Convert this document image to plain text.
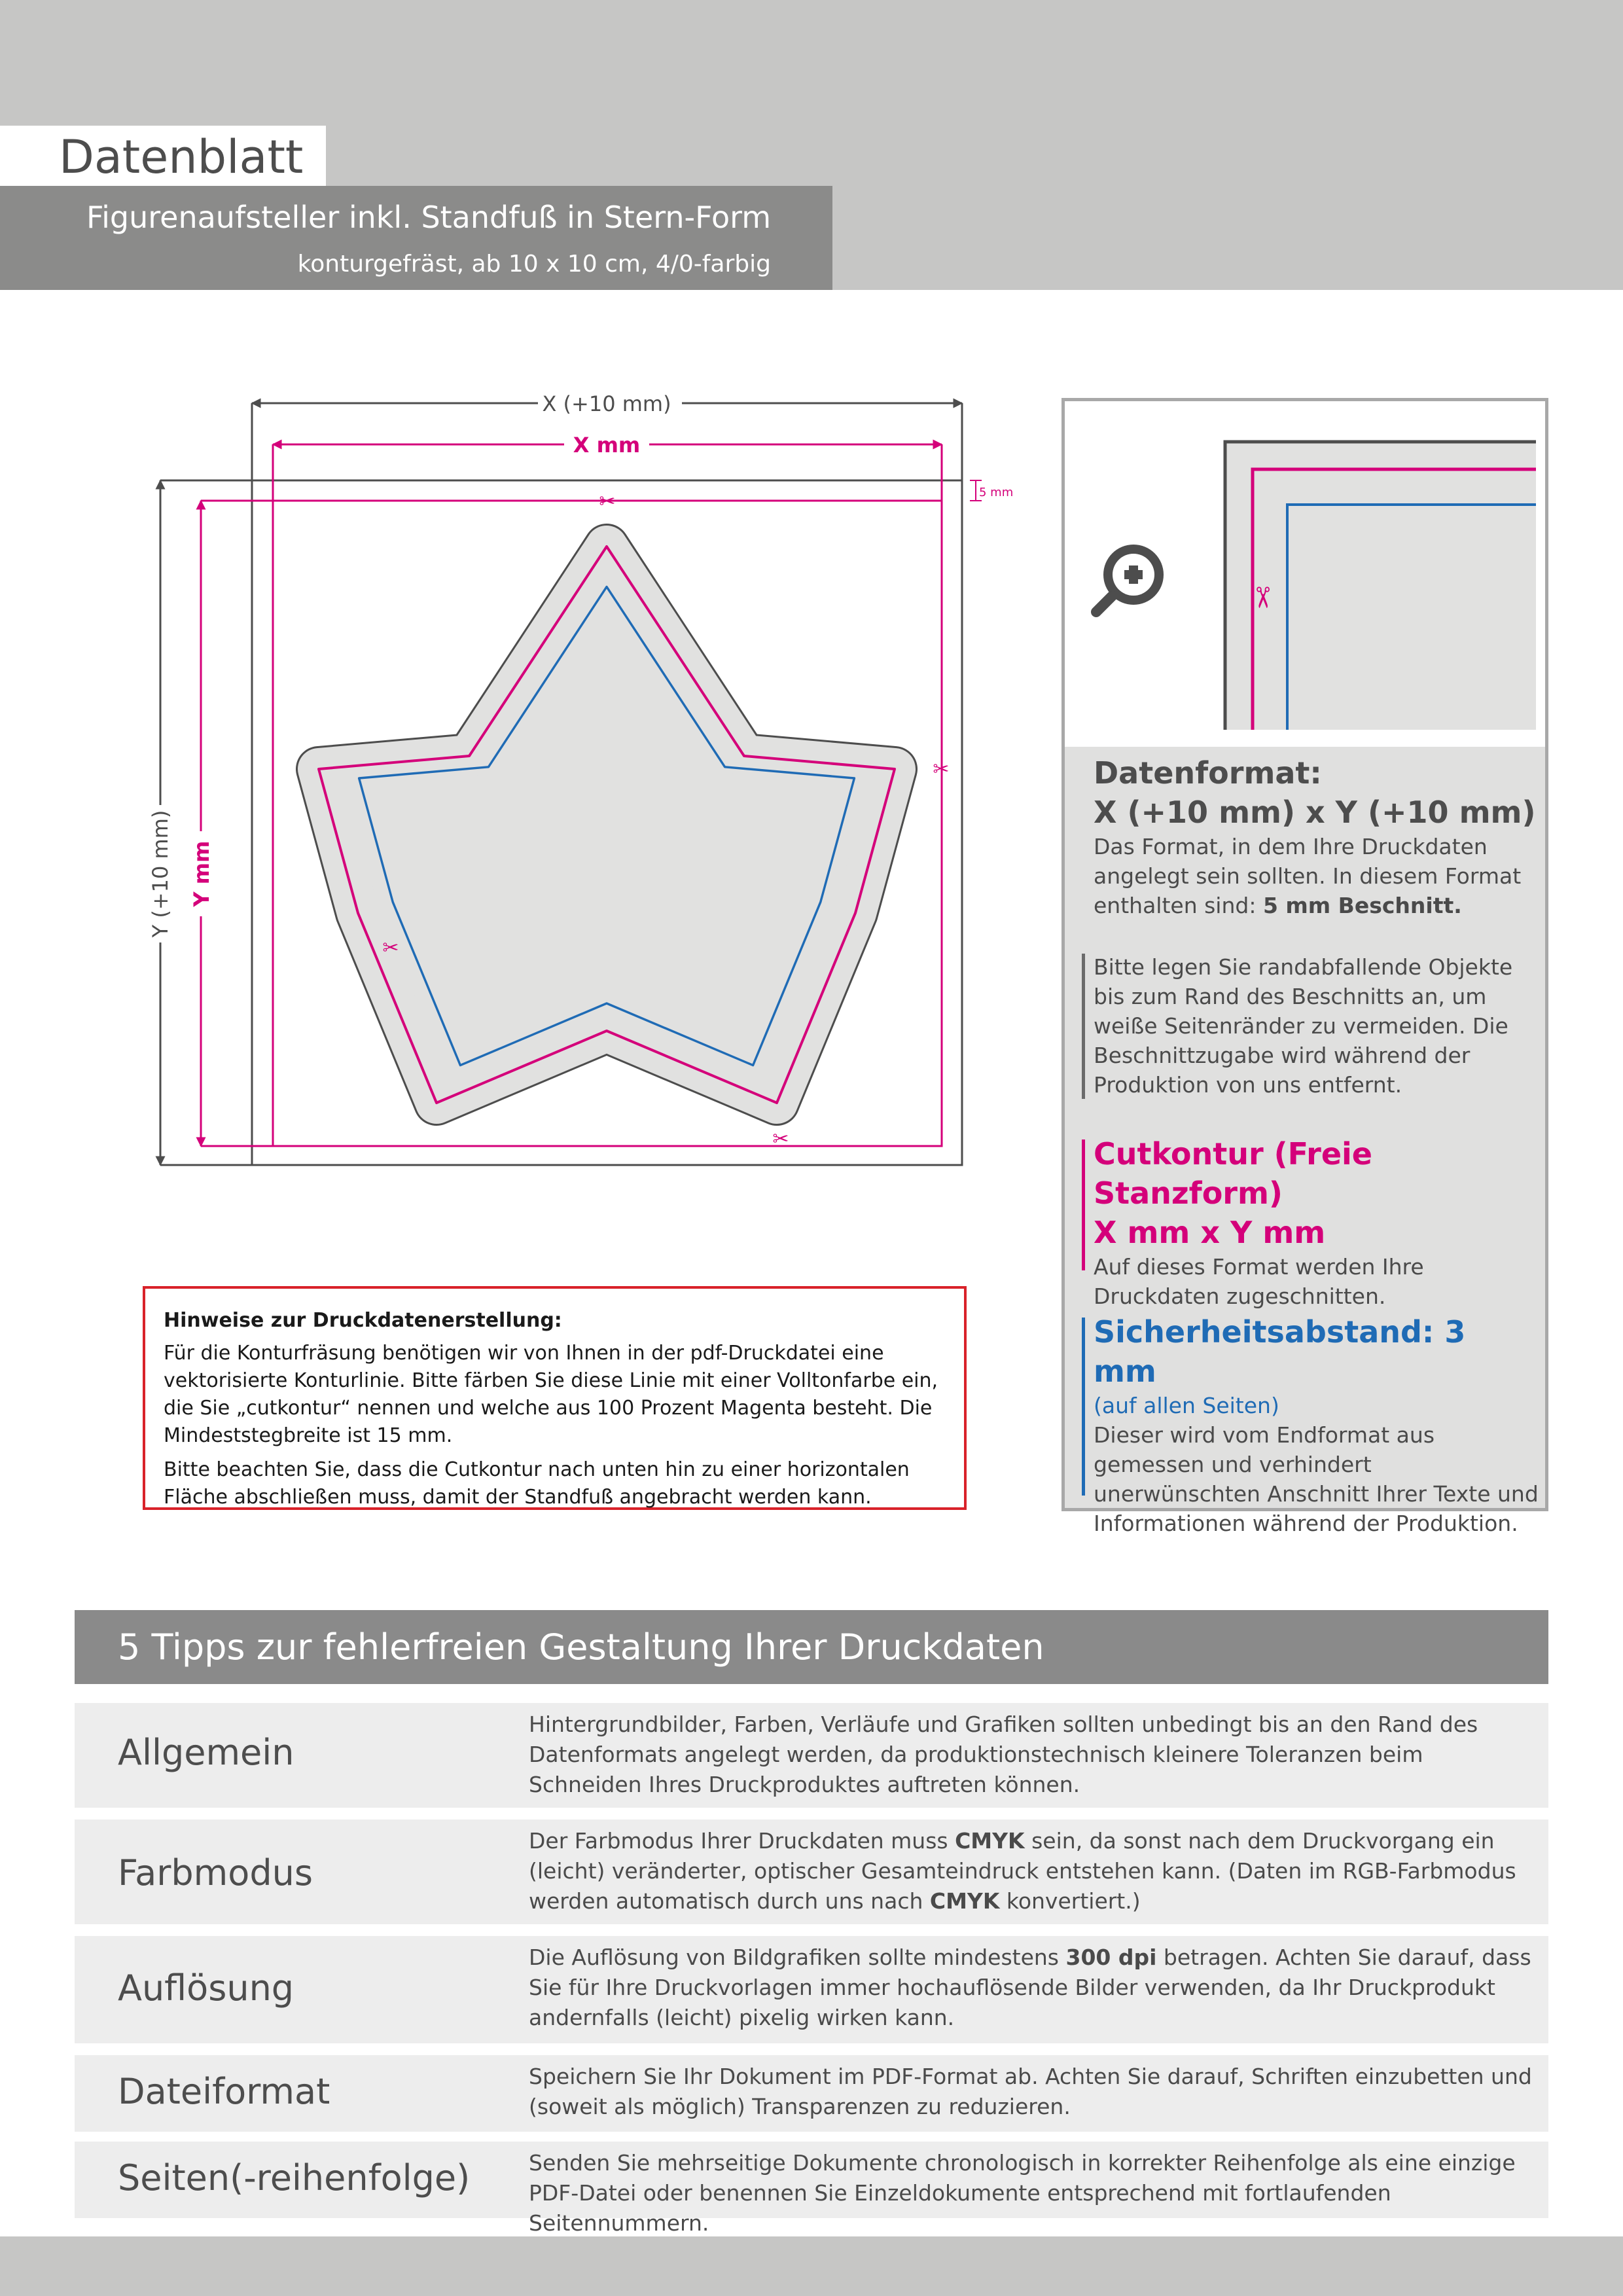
Datenblatt
Figurenaufsteller inkl. Standfuß in Stern-Form
konturgefräst, ab 10 x 10 cm, 4/0-farbig
✂
✂
✂
✂
X (+10 mm)
X mm
Y (+10 mm) Y mm
5 mm
✂
Datenformat:
X (+10 mm) x Y (+10 mm)
Das Format, in dem Ihre Druckdaten angelegt sein sollten. In diesem Format enthalten sind: 5 mm Beschnitt.
Bitte legen Sie randabfallende Objekte bis zum Rand des Beschnitts an, um weiße Seitenränder zu vermeiden. Die Beschnittzugabe wird während der Produktion von uns entfernt.
Cutkontur (Freie Stanzform)
X mm x Y mm
Auf dieses Format werden Ihre Druckdaten zugeschnitten.
Sicherheitsabstand: 3 mm
(auf allen Seiten)
Dieser wird vom Endformat aus gemessen und verhindert unerwünschten Anschnitt Ihrer Texte und Informationen während der Produktion.
Hinweise zur Druckdatenerstellung:

Für die Konturfräsung benötigen wir von Ihnen in der pdf-Druckdatei eine vektorisierte Konturlinie. Bitte färben Sie diese Linie mit einer Volltonfarbe ein, die Sie „cutkontur“ nennen und welche aus 100 Prozent Magenta besteht. Die Mindeststegbreite ist 15 mm.

Bitte beachten Sie, dass die Cutkontur nach unten hin zu einer horizontalen Fläche abschließen muss, damit der Standfuß angebracht werden kann.

5 Tipps zur fehlerfreien Gestaltung Ihrer Druckdaten
Allgemein
Hintergrundbilder, Farben, Verläufe und Grafiken sollten unbedingt bis an den Rand des Datenformats angelegt werden, da produktionstechnisch kleinere Toleranzen beim Schneiden Ihres Druckproduktes auftreten können.
Farbmodus
Der Farbmodus Ihrer Druckdaten muss CMYK sein, da sonst nach dem Druckvorgang ein (leicht) veränderter, optischer Gesamteindruck entstehen kann. (Daten im RGB-Farbmodus werden automatisch durch uns nach CMYK konvertiert.)
Auflösung
Die Auflösung von Bildgrafiken sollte mindestens 300 dpi betragen. Achten Sie darauf, dass Sie für Ihre Druckvorlagen immer hochauflösende Bilder verwenden, da Ihr Druckprodukt andernfalls (leicht) pixelig wirken kann.
Dateiformat	Speichern Sie Ihr Dokument im PDF-Format ab. Achten Sie darauf, Schriften einzubetten und (soweit als möglich) Transparenzen zu reduzieren.
Seiten(-reihenfolge)	Senden Sie mehrseitige Dokumente chronologisch in korrekter Reihenfolge als eine einzige PDF-Datei oder benennen Sie Einzeldokumente entsprechend mit fortlaufenden Seitennummern.
